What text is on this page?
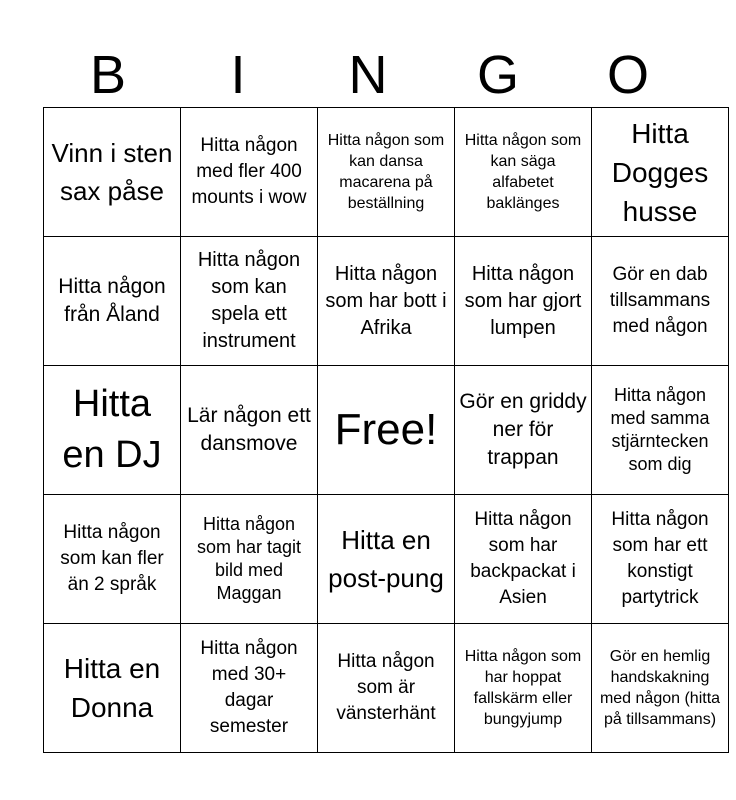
B	I	N	G	O
Vinn i sten sax påse	Hitta någon med fler 400 mounts i wow	Hitta någon som kan dansa macarena på beställning	Hitta någon som kan säga alfabetet baklänges	Hitta Dogges husse

Hitta någon från Åland	Hitta någon som kan spela ett instrument	Hitta någon som har bott i Afrika	Hitta någon som har gjort lumpen	Gör en dab tillsammans med någon

Hitta en DJ	Lär någon ett dansmove	Free!	Gör en griddy ner för trappan	Hitta någon med samma stjärntecken som dig

Hitta någon som kan fler än 2 språk	Hitta någon som har tagit bild med Maggan	Hitta en post-pung	Hitta någon som har backpackat i Asien	Hitta någon som har ett konstigt partytrick

Hitta en Donna	Hitta någon med 30+ dagar semester	Hitta någon som är vänsterhänt	Hitta någon som har hoppat fallskärm eller bungyjump	Gör en hemlig handskakning med någon (hitta på tillsammans)
